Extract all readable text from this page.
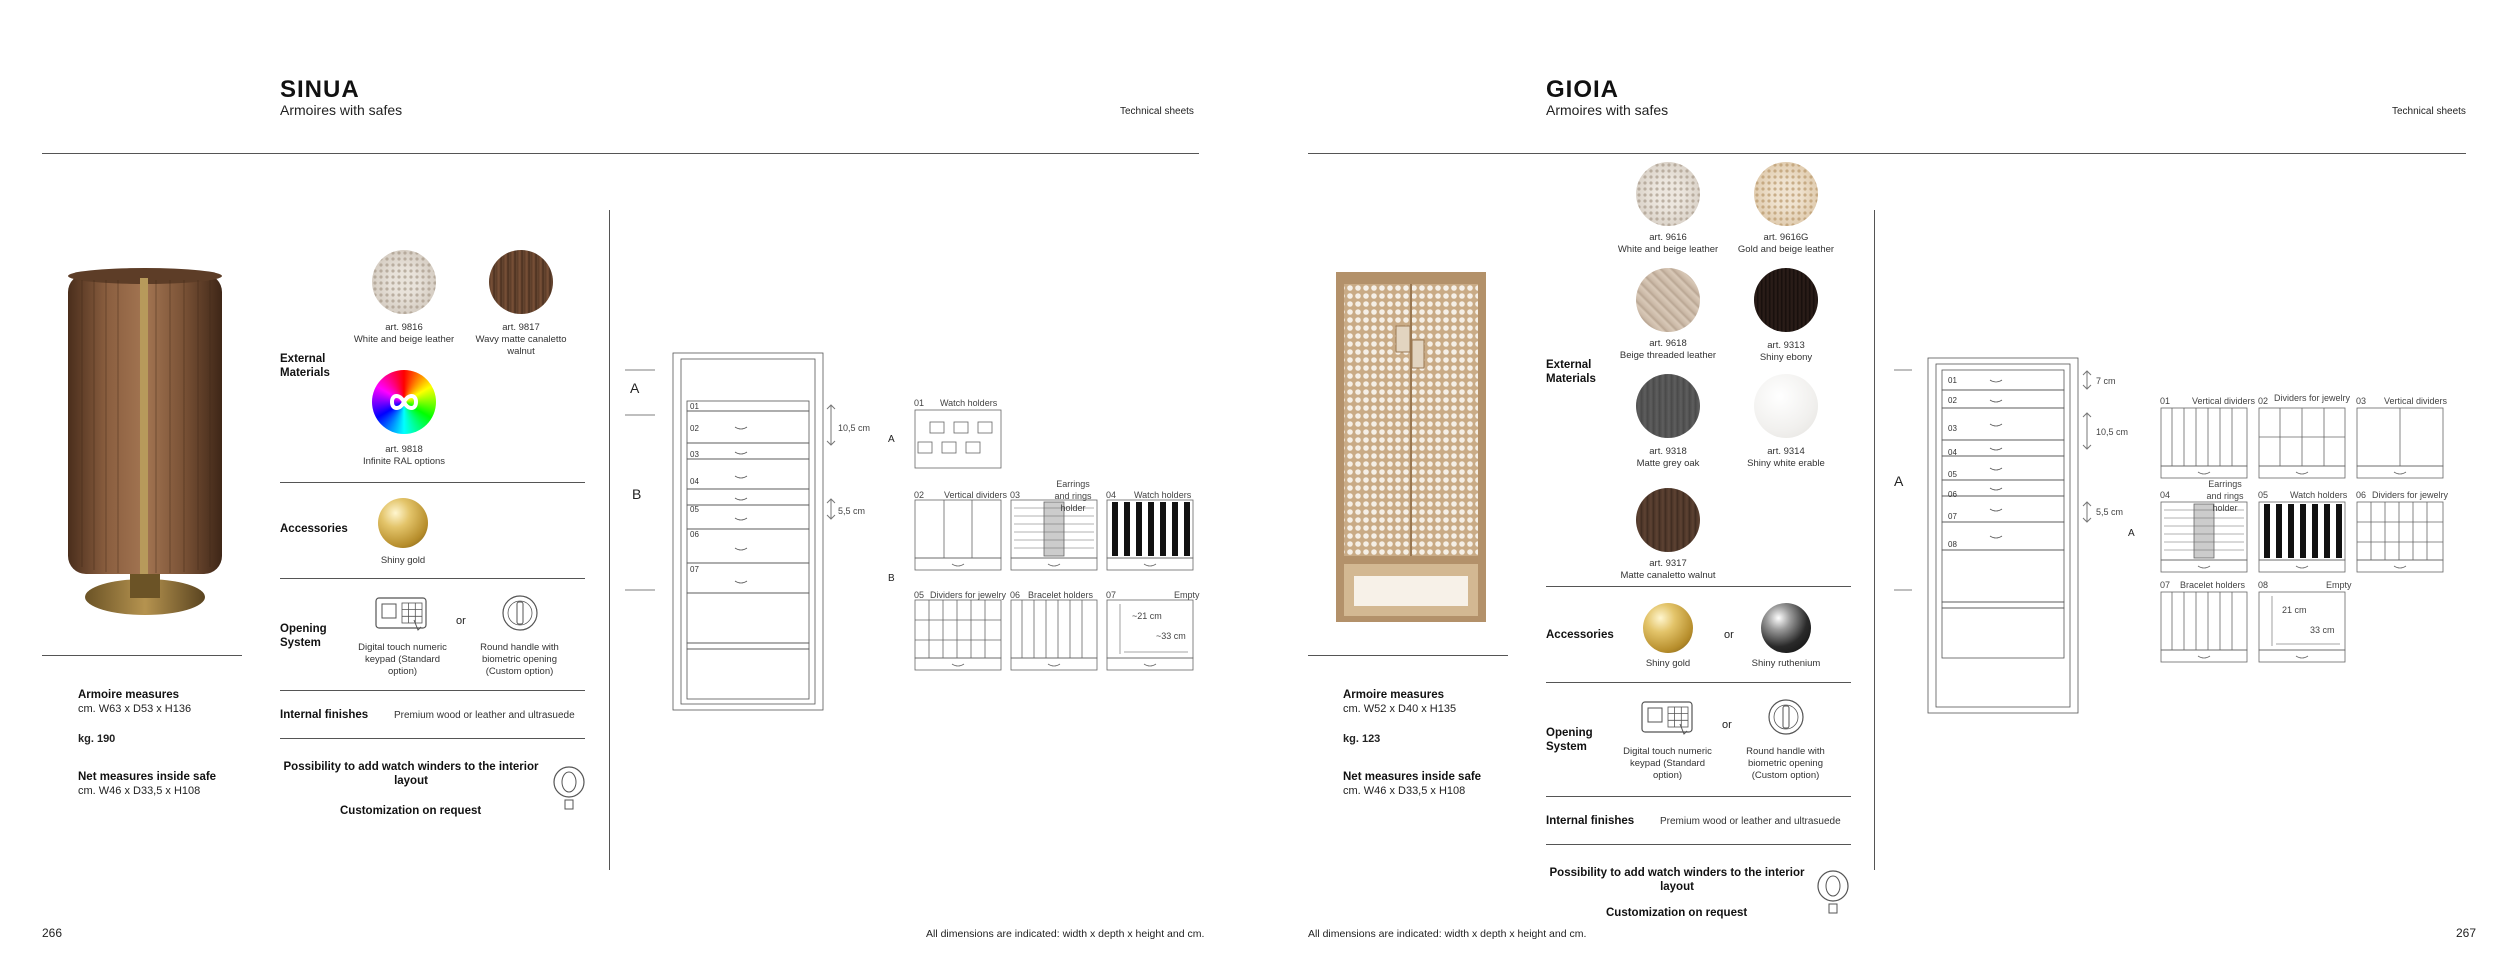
SINUA
Armoires with safes	Technical sheets
Armoire measures
cm. W63 x D53 x H136
kg. 190
Net measures inside safe
cm. W46 x D33,5 x H108
External
Materials
art. 9816
White and beige leather
art. 9817
Wavy matte canaletto walnut
art. 9818
Infinite RAL options
Accessories
Shiny gold
Opening
System
or
Digital touch numeric keypad (Standard option)
Round handle with biometric opening (Custom option)
Internal finishes	Premium wood or leather and ultrasuede
Possibility to add watch winders to the interior layout
Customization on request
A
B
01
02
03
04
05
06
07
10,5 cm
5,5 cm
A
B
01 Watch holders
02 Vertical dividers 03
Earrings and rings holder
04 Watch holders
05 Dividers for jewelry 06 Bracelet holders 07	Empty
~21 cm
~33 cm
266	All dimensions are indicated: width x depth x height and cm.
GIOIA
Armoires with safes	Technical sheets
Armoire measures
cm. W52 x D40 x H135
kg. 123
Net measures inside safe
cm. W46 x D33,5 x H108
External
Materials
art. 9616
White and beige leather
art. 9616G
Gold and beige leather
art. 9618
Beige threaded leather
art. 9313
Shiny ebony
art. 9318
Matte grey oak
art. 9314
Shiny white erable
art. 9317
Matte canaletto walnut
Accessories	or
Shiny gold	Shiny ruthenium
Opening
System
or
Digital touch numeric keypad (Standard option)
Round handle with biometric opening (Custom option)
Internal finishes	Premium wood or leather and ultrasuede
Possibility to add watch winders to the interior layout
Customization on request
A
01
02
03
04
05
06
07
08
7 cm
10,5 cm
5,5 cm
A
01 Vertical dividers 02 Dividers for jewelry 03 Vertical dividers
04
Earrings and rings holder
05 Watch holders 06 Dividers for jewelry
07 Bracelet holders 08	Empty
21 cm
33 cm
All dimensions are indicated: width x depth x height and cm.	267
